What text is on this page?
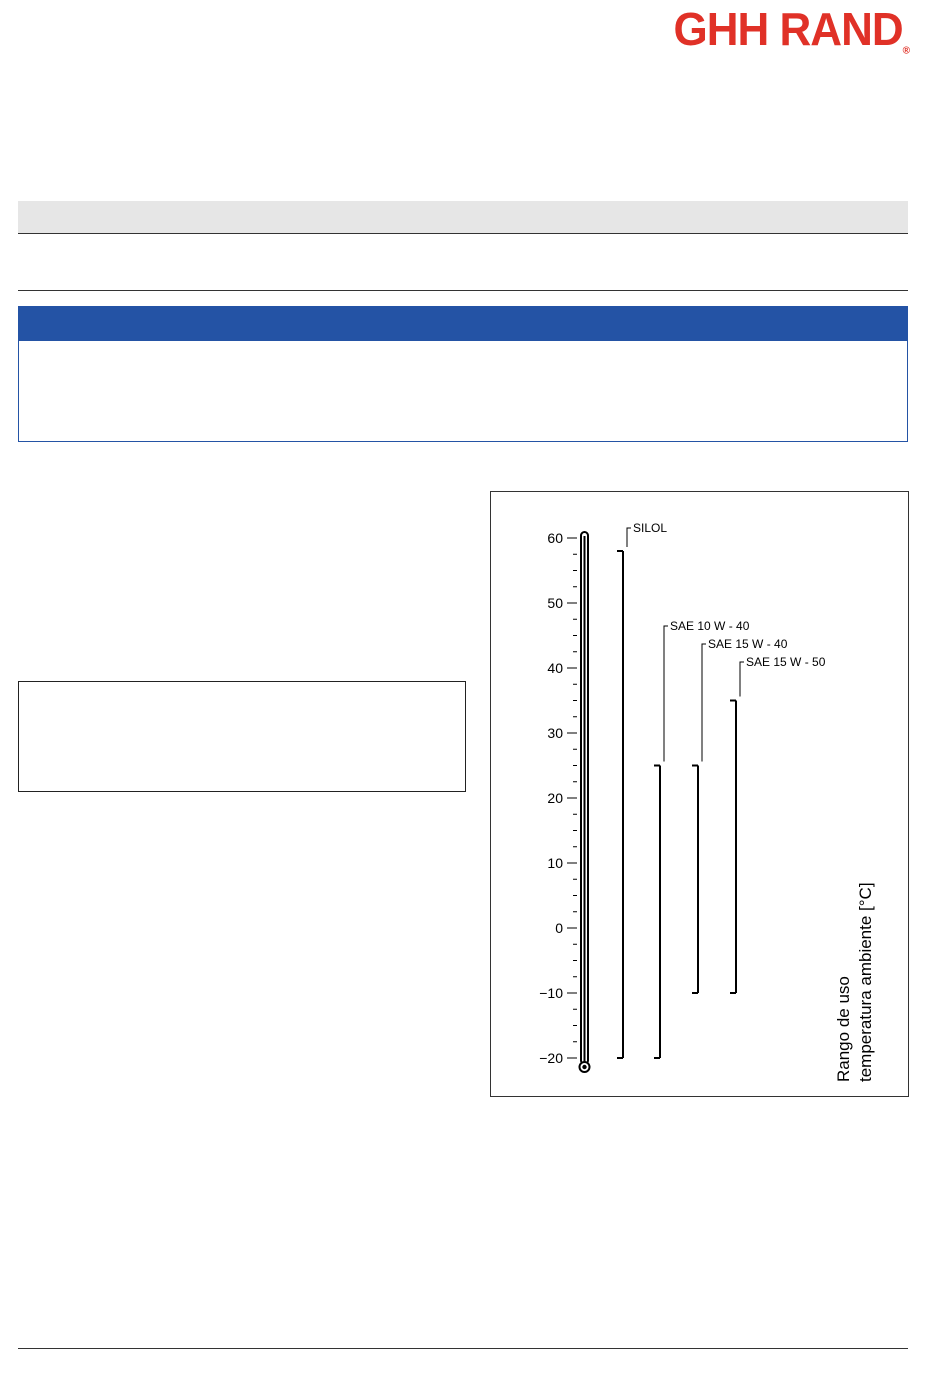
GHH RAND®
60
50
40
30
20
10
0
−10
−20
SILOL
SAE 10 W - 40
SAE 15 W - 40
SAE 15 W - 50
Rango de uso temperatura ambiente [°C]
